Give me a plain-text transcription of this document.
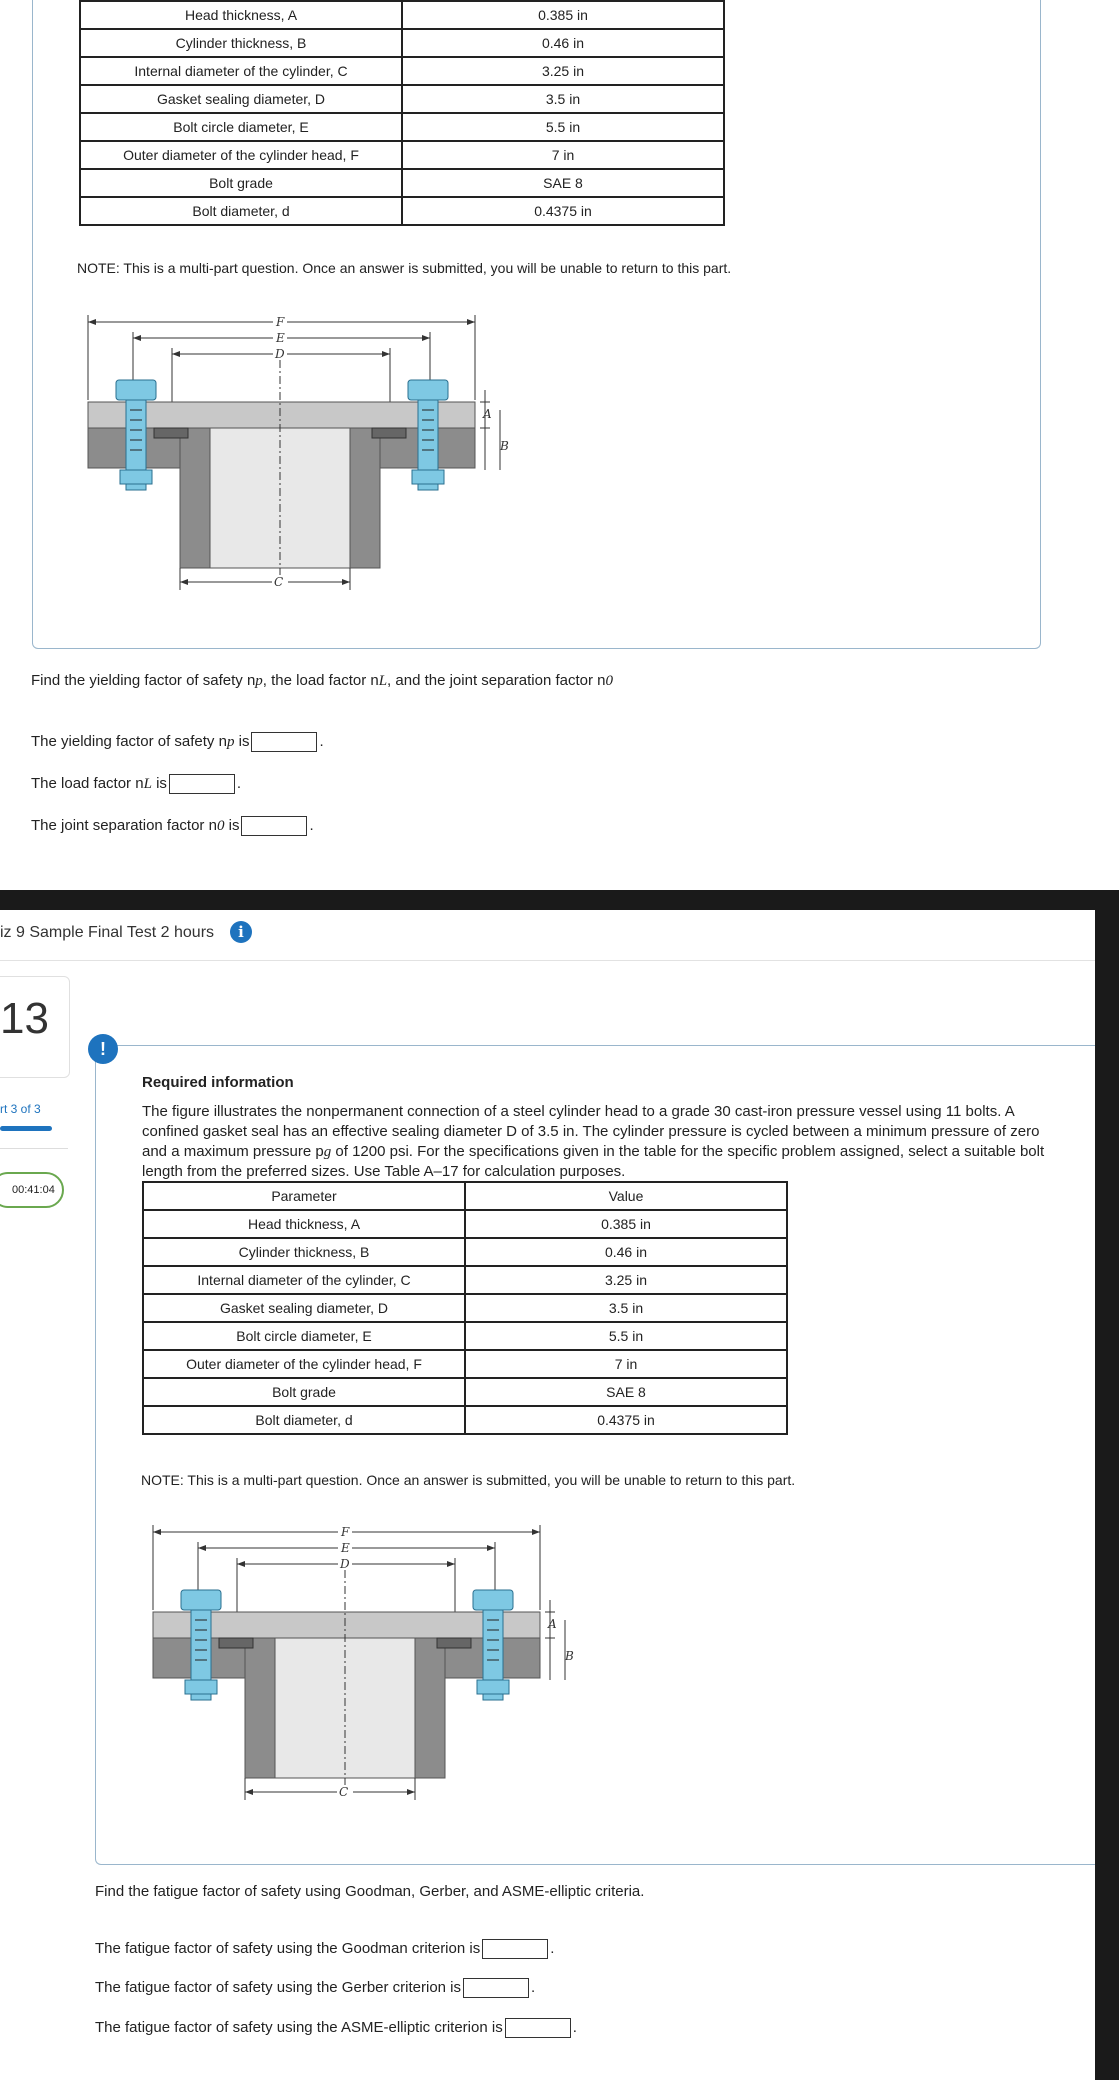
Head thickness, A	0.385 in
Cylinder thickness, B	0.46 in
Internal diameter of the cylinder, C	3.25 in
Gasket sealing diameter, D	3.5 in
Bolt circle diameter, E	5.5 in
Outer diameter of the cylinder head, F	7 in
Bolt grade	SAE 8
Bolt diameter, d	0.4375 in
NOTE: This is a multi-part question. Once an answer is submitted, you will be unable to return to this part.
F
E
D
A
B
C
Find the yielding factor of safety np, the load factor nL, and the joint separation factor n0
The yielding factor of safety np is	.
The load factor nL is	.
The joint separation factor n0 is	.
iz 9 Sample Final Test 2 hours	i
13
rt 3 of 3
00:41:04
!
Required information
The figure illustrates the nonpermanent connection of a steel cylinder head to a grade 30 cast-iron pressure vessel using 11 bolts. A confined gasket seal has an effective sealing diameter D of 3.5 in. The cylinder pressure is cycled between a minimum pressure of zero and a maximum pressure pg of 1200 psi. For the specifications given in the table for the specific problem assigned, select a suitable bolt length from the preferred sizes. Use Table A–17 for calculation purposes.
Parameter	Value
Head thickness, A	0.385 in
Cylinder thickness, B	0.46 in
Internal diameter of the cylinder, C	3.25 in
Gasket sealing diameter, D	3.5 in
Bolt circle diameter, E	5.5 in
Outer diameter of the cylinder head, F	7 in
Bolt grade	SAE 8
Bolt diameter, d	0.4375 in
NOTE: This is a multi-part question. Once an answer is submitted, you will be unable to return to this part.
F
E
D
A
B
C
Find the fatigue factor of safety using Goodman, Gerber, and ASME-elliptic criteria.
The fatigue factor of safety using the Goodman criterion is	.
The fatigue factor of safety using the Gerber criterion is	.
The fatigue factor of safety using the ASME-elliptic criterion is	.
